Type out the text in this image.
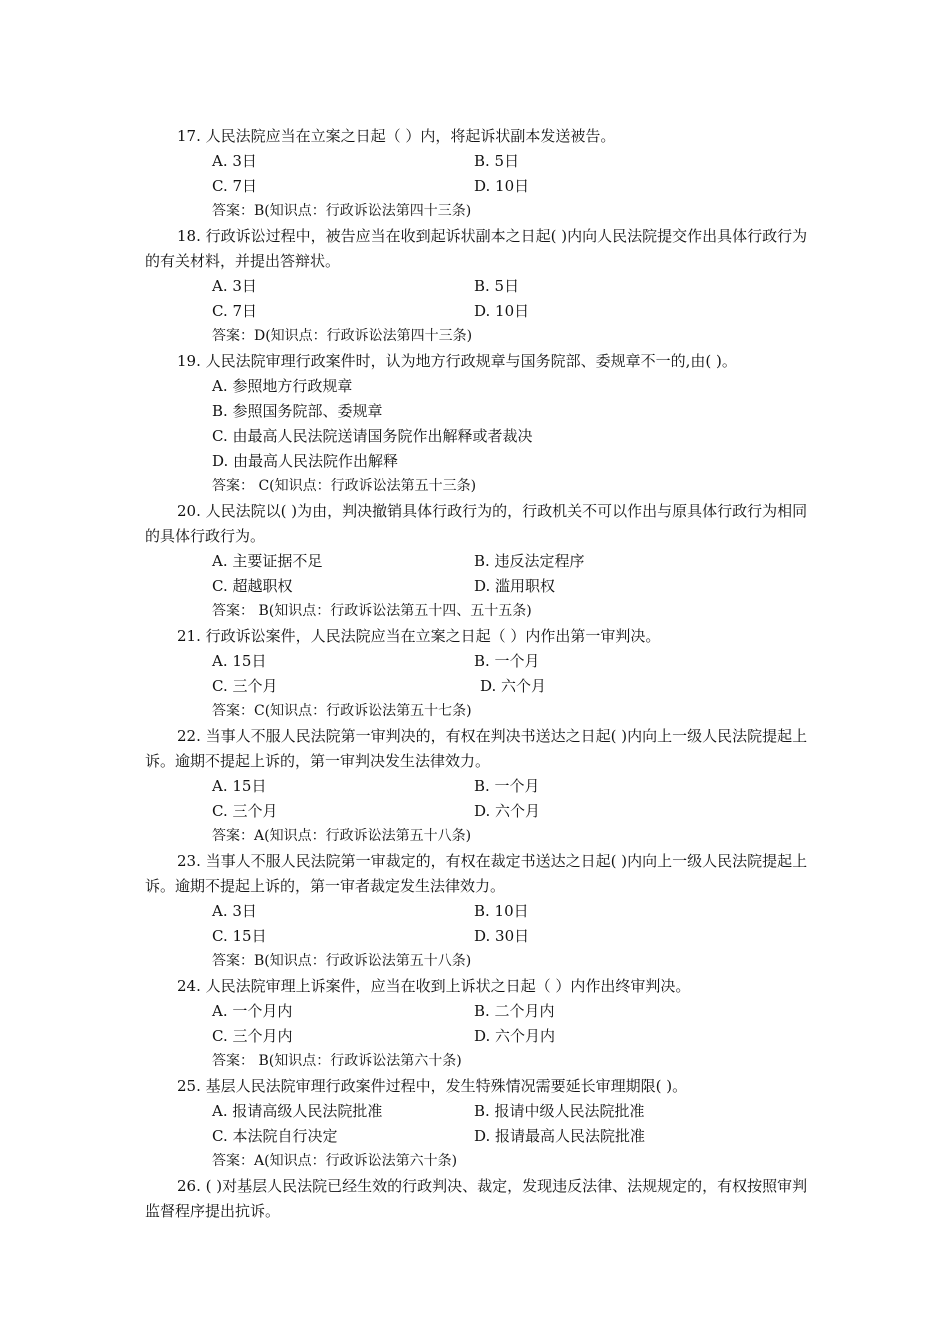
17. 人民法院应当在立案之日起（ ）内，将起诉状副本发送被告。
A. 3日	B. 5日
C. 7日	D. 10日
答案：B(知识点：行政诉讼法第四十三条)
18. 行政诉讼过程中，被告应当在收到起诉状副本之日起( )内向人民法院提交作出具体行政行为的有关材料，并提出答辩状。
A. 3日	B. 5日
C. 7日	D. 10日
答案：D(知识点：行政诉讼法第四十三条)
19. 人民法院审理行政案件时，认为地方行政规章与国务院部、委规章不一的,由( )。
A. 参照地方行政规章
B. 参照国务院部、委规章
C. 由最高人民法院送请国务院作出解释或者裁决
D. 由最高人民法院作出解释
答案： C(知识点：行政诉讼法第五十三条)
20. 人民法院以( )为由，判决撤销具体行政行为的，行政机关不可以作出与原具体行政行为相同的具体行政行为。
A. 主要证据不足	B. 违反法定程序
C. 超越职权	D. 滥用职权
答案： B(知识点：行政诉讼法第五十四、五十五条)
21. 行政诉讼案件，人民法院应当在立案之日起（ ）内作出第一审判决。
A. 15日	B. 一个月
C. 三个月	D. 六个月
答案：C(知识点：行政诉讼法第五十七条)
22. 当事人不服人民法院第一审判决的，有权在判决书送达之日起( )内向上一级人民法院提起上诉。逾期不提起上诉的，第一审判决发生法律效力。
A. 15日	B. 一个月
C. 三个月	D. 六个月
答案：A(知识点：行政诉讼法第五十八条)
23. 当事人不服人民法院第一审裁定的，有权在裁定书送达之日起( )内向上一级人民法院提起上诉。逾期不提起上诉的，第一审者裁定发生法律效力。
A. 3日	B. 10日
C. 15日	D. 30日
答案：B(知识点：行政诉讼法第五十八条)
24. 人民法院审理上诉案件，应当在收到上诉状之日起（ ）内作出终审判决。
A. 一个月内	B. 二个月内
C. 三个月内	D. 六个月内
答案： B(知识点：行政诉讼法第六十条)
25. 基层人民法院审理行政案件过程中，发生特殊情况需要延长审理期限( )。
A. 报请高级人民法院批准	B. 报请中级人民法院批准
C. 本法院自行决定	D. 报请最高人民法院批准
答案：A(知识点：行政诉讼法第六十条)
26. ( )对基层人民法院已经生效的行政判决、裁定，发现违反法律、法规规定的，有权按照审判监督程序提出抗诉。
